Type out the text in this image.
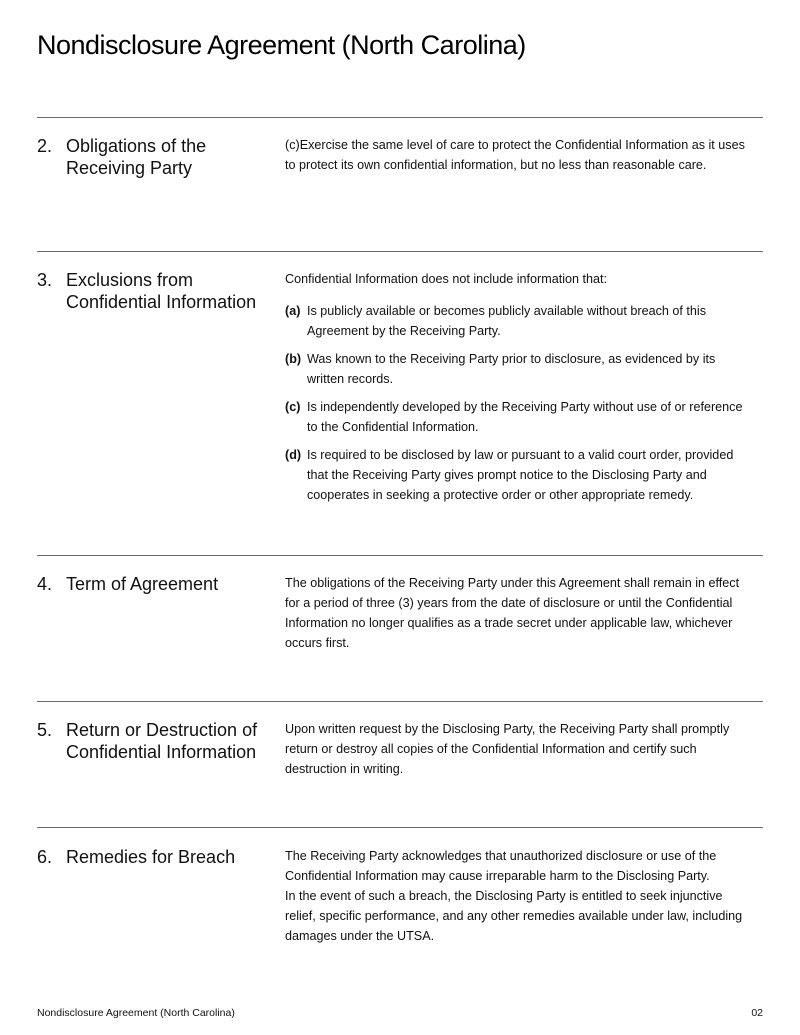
Nondisclosure Agreement (North Carolina)
2. Obligations of the Receiving Party

(c)Exercise the same level of care to protect the Confidential Information as it uses to protect its own confidential information, but no less than reasonable care.

3. Exclusions from Confidential Information

Confidential Information does not include information that:

(a) Is publicly available or becomes publicly available without breach of this Agreement by the Receiving Party.

(b) Was known to the Receiving Party prior to disclosure, as evidenced by its written records.

(c) Is independently developed by the Receiving Party without use of or reference to the Confidential Information.

(d) Is required to be disclosed by law or pursuant to a valid court order, provided that the Receiving Party gives prompt notice to the Disclosing Party and cooperates in seeking a protective order or other appropriate remedy.

4. Term of Agreement	The obligations of the Receiving Party under this Agreement shall remain in effect for a period of three (3) years from the date of disclosure or until the Confidential Information no longer qualifies as a trade secret under applicable law, whichever occurs first.

5. Return or Destruction of Confidential Information

Upon written request by the Disclosing Party, the Receiving Party shall promptly return or destroy all copies of the Confidential Information and certify such destruction in writing.

6. Remedies for Breach	The Receiving Party acknowledges that unauthorized disclosure or use of the Confidential Information may cause irreparable harm to the Disclosing Party.

In the event of such a breach, the Disclosing Party is entitled to seek injunctive relief, specific performance, and any other remedies available under law, including damages under the UTSA.

Nondisclosure Agreement (North Carolina)	02
